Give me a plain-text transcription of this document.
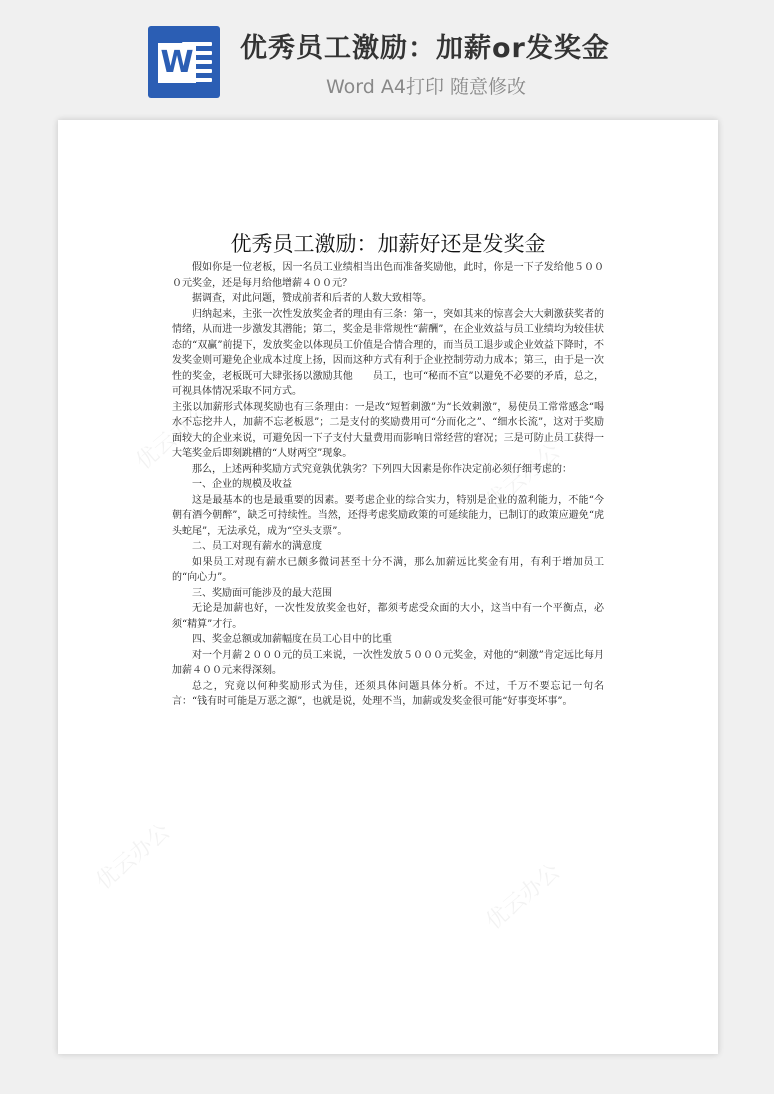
W 优秀员工激励：加薪or发奖金
Word A4打印 随意修改
优云办公
优云办公
优云办公
优云办公
优秀员工激励：加薪好还是发奖金

假如你是一位老板，因一名员工业绩相当出色而准备奖励他，此时，你是一下子发给他５０００元奖金，还是每月给他增薪４００元？

据调查，对此问题，赞成前者和后者的人数大致相等。

归纳起来，主张一次性发放奖金者的理由有三条：第一，突如其来的惊喜会大大刺激获奖者的情绪，从而进一步激发其潜能；第二，奖金是非常规性“薪酬”，在企业效益与员工业绩均为较佳状态的“双赢”前提下，发放奖金以体现员工价值是合情合理的，而当员工退步或企业效益下降时，不发奖金则可避免企业成本过度上扬，因而这种方式有利于企业控制劳动力成本；第三，由于是一次性的奖金，老板既可大肆张扬以激励其他　　员工，也可“秘而不宣”以避免不必要的矛盾，总之，可视具体情况采取不同方式。

主张以加薪形式体现奖励也有三条理由：一是改“短暂刺激”为“长效刺激”，易使员工常常感念“喝水不忘挖井人，加薪不忘老板恩”；二是支付的奖励费用可“分而化之”、“细水长流”，这对于奖励面较大的企业来说，可避免因一下子支付大量费用而影响日常经营的窘况；三是可防止员工获得一大笔奖金后即刻跳槽的“人财两空”现象。

那么，上述两种奖励方式究竟孰优孰劣？下列四大因素是你作决定前必须仔细考虑的：

一、企业的规模及收益

这是最基本的也是最重要的因素。要考虑企业的综合实力，特别是企业的盈利能力，不能“今朝有酒今朝醉”，缺乏可持续性。当然，还得考虑奖励政策的可延续能力，已制订的政策应避免“虎头蛇尾”，无法承兑，成为“空头支票”。

二、员工对现有薪水的满意度

如果员工对现有薪水已颇多微词甚至十分不满，那么加薪远比奖金有用，有利于增加员工的“向心力”。

三、奖励面可能涉及的最大范围

无论是加薪也好，一次性发放奖金也好，都须考虑受众面的大小，这当中有一个平衡点，必须“精算”才行。

四、奖金总额或加薪幅度在员工心目中的比重

对一个月薪２０００元的员工来说，一次性发放５０００元奖金，对他的“刺激”肯定远比每月加薪４００元来得深刻。

总之，究竟以何种奖励形式为佳，还须具体问题具体分析。不过，千万不要忘记一句名言：“钱有时可能是万恶之源”，也就是说，处理不当，加薪或发奖金很可能“好事变坏事”。
